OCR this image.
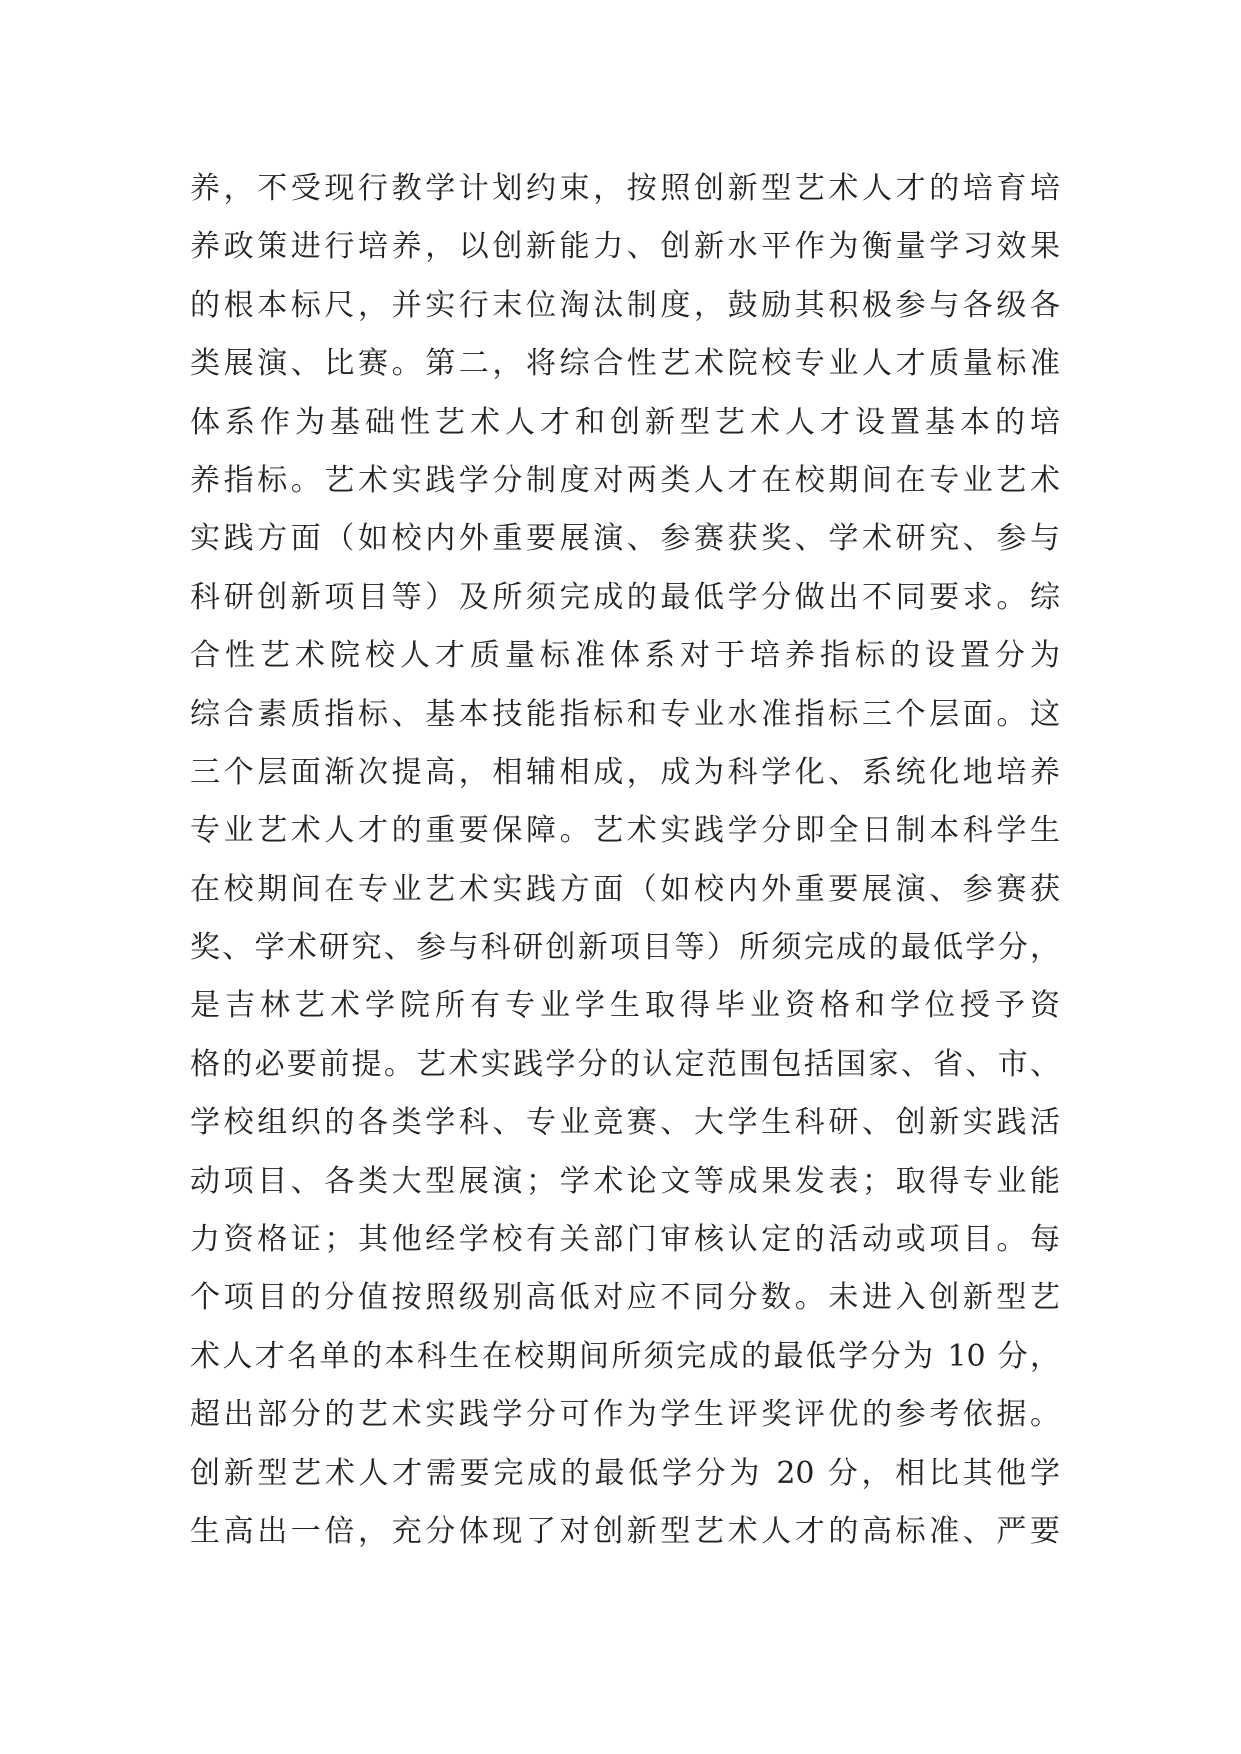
养，不受现行教学计划约束，按照创新型艺术人才的培育培
养政策进行培养，以创新能力、创新水平作为衡量学习效果
的根本标尺，并实行末位淘汰制度，鼓励其积极参与各级各
类展演、比赛。第二，将综合性艺术院校专业人才质量标准
体系作为基础性艺术人才和创新型艺术人才设置基本的培
养指标。艺术实践学分制度对两类人才在校期间在专业艺术
实践方面（如校内外重要展演、参赛获奖、学术研究、参与
科研创新项目等）及所须完成的最低学分做出不同要求。综
合性艺术院校人才质量标准体系对于培养指标的设置分为
综合素质指标、基本技能指标和专业水准指标三个层面。这
三个层面渐次提高，相辅相成，成为科学化、系统化地培养
专业艺术人才的重要保障。艺术实践学分即全日制本科学生
在校期间在专业艺术实践方面（如校内外重要展演、参赛获
奖、学术研究、参与科研创新项目等）所须完成的最低学分，
是吉林艺术学院所有专业学生取得毕业资格和学位授予资
格的必要前提。艺术实践学分的认定范围包括国家、省、市、
学校组织的各类学科、专业竞赛、大学生科研、创新实践活
动项目、各类大型展演；学术论文等成果发表；取得专业能
力资格证；其他经学校有关部门审核认定的活动或项目。每
个项目的分值按照级别高低对应不同分数。未进入创新型艺
术人才名单的本科生在校期间所须完成的最低学分为 10 分，
超出部分的艺术实践学分可作为学生评奖评优的参考依据。
创新型艺术人才需要完成的最低学分为 20 分，相比其他学
生高出一倍，充分体现了对创新型艺术人才的高标准、严要
